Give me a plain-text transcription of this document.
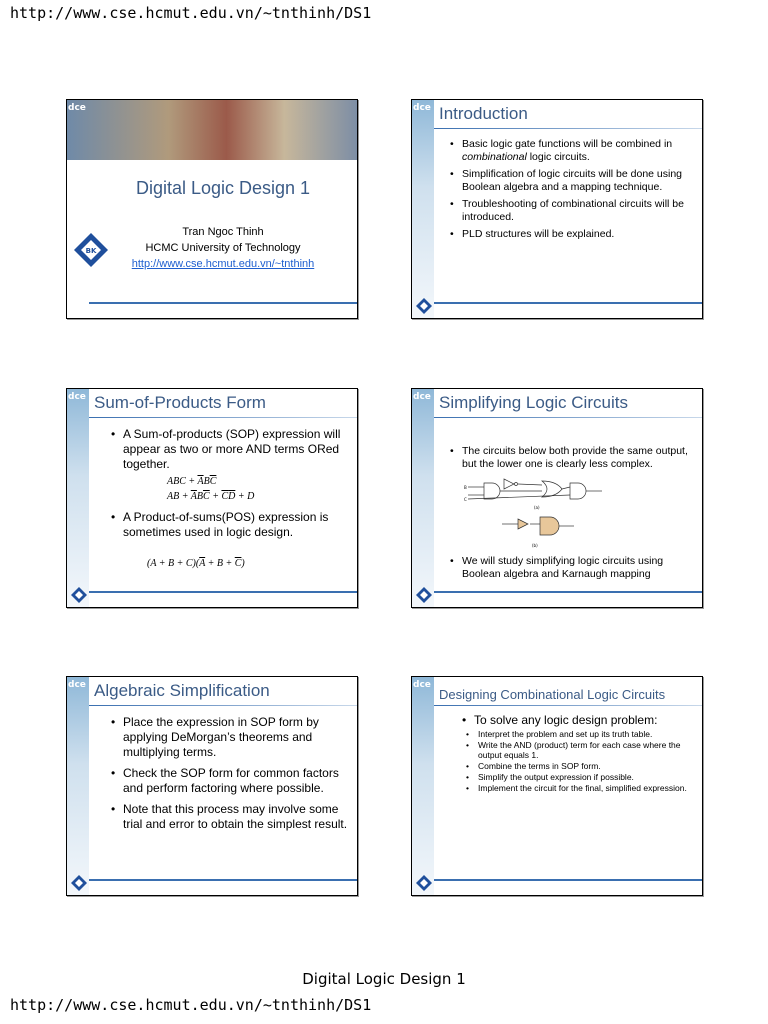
http://www.cse.hcmut.edu.vn/~tnthinh/DS1
dce
Digital Logic Design 1
BK
Tran Ngoc Thinh
HCMC University of Technology
http://www.cse.hcmut.edu.vn/~tnthinh
dce Introduction
• Basic logic gate functions will be combined in combinational logic circuits.
• Simplification of logic circuits will be done using Boolean algebra and a mapping technique.
• Troubleshooting of combinational circuits will be introduced.
• PLD structures will be explained.
dce Sum-of-Products Form
• A Sum-of-products (SOP) expression will appear as two or more AND terms ORed together.
ABC + $\overline{A}B\overline{C}$
AB + $\overline{A}B\overline{C} + \overline{C}\overline{D} + D$
• A Product-of-sums(POS) expression is sometimes used in logic design.
$(A + B + C)(\overline{A} + B + \overline{C})$
dce Simplifying Logic Circuits
• The circuits below both provide the same output, but the lower one is clearly less complex.
B
C
(a)
(b)
• We will study simplifying logic circuits using Boolean algebra and Karnaugh mapping
dce Algebraic Simplification
• Place the expression in SOP form by applying DeMorgan’s theorems and multiplying terms.
• Check the SOP form for common factors and perform factoring where possible.
• Note that this process may involve some trial and error to obtain the simplest result.
dce
Designing Combinational Logic Circuits
• To solve any logic design problem:
• Interpret the problem and set up its truth table.
• Write the AND (product) term for each case where the output equals 1.
• Combine the terms in SOP form.
• Simplify the output expression if possible.
• Implement the circuit for the final, simplified expression.
Digital Logic Design 1
http://www.cse.hcmut.edu.vn/~tnthinh/DS1
